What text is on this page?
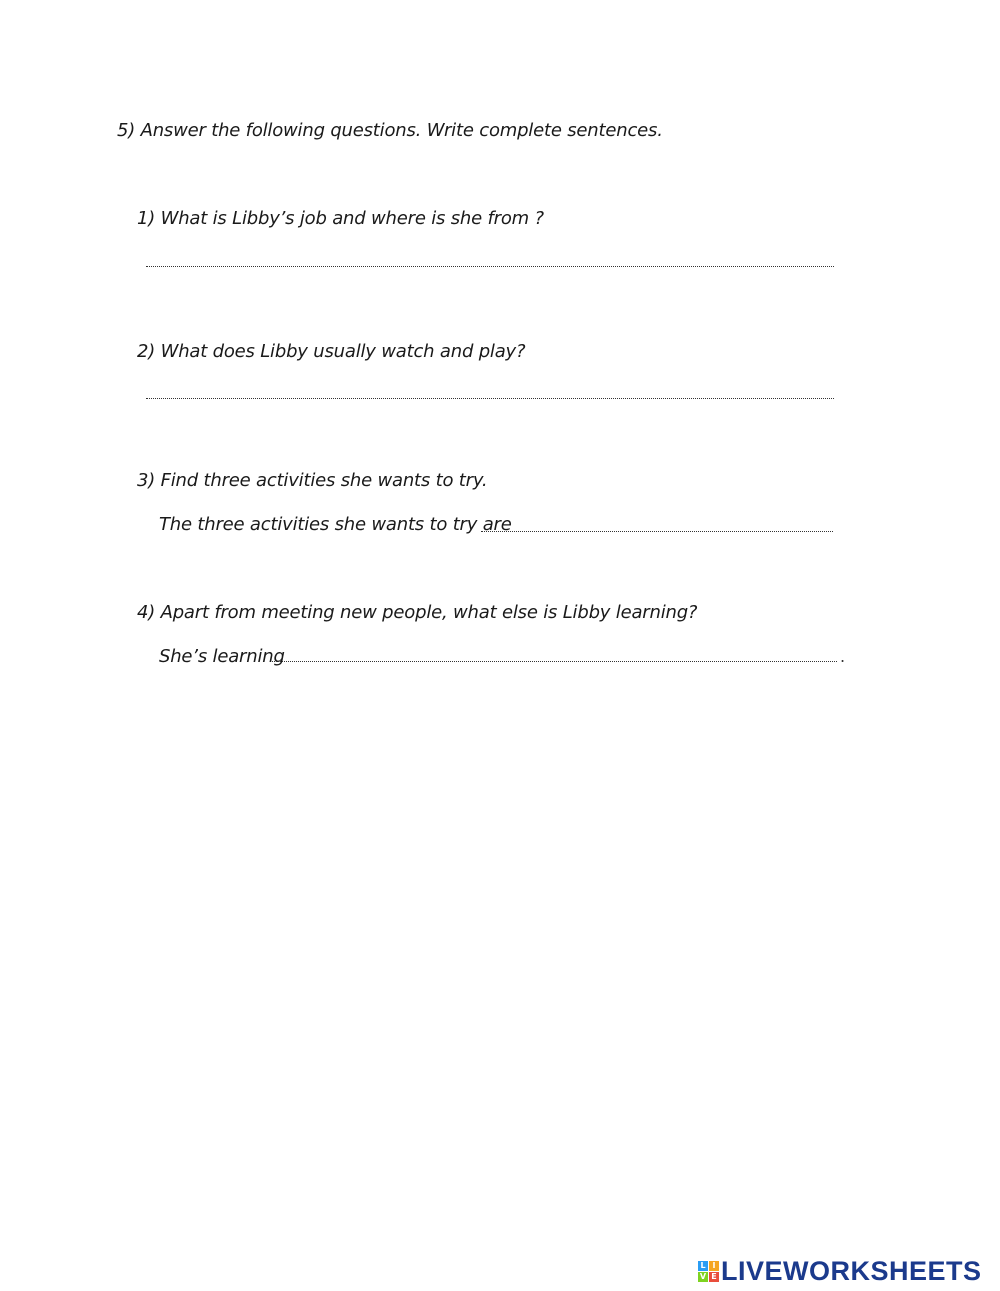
5) Answer the following questions. Write complete sentences.
1) What is Libby’s job and where is she from ?
2) What does Libby usually watch and play?
3) Find three activities she wants to try.
The three activities she wants to try are
4) Apart from meeting new people, what else is Libby learning?
She’s learning	.
L I
V E LIVEWORKSHEETS
